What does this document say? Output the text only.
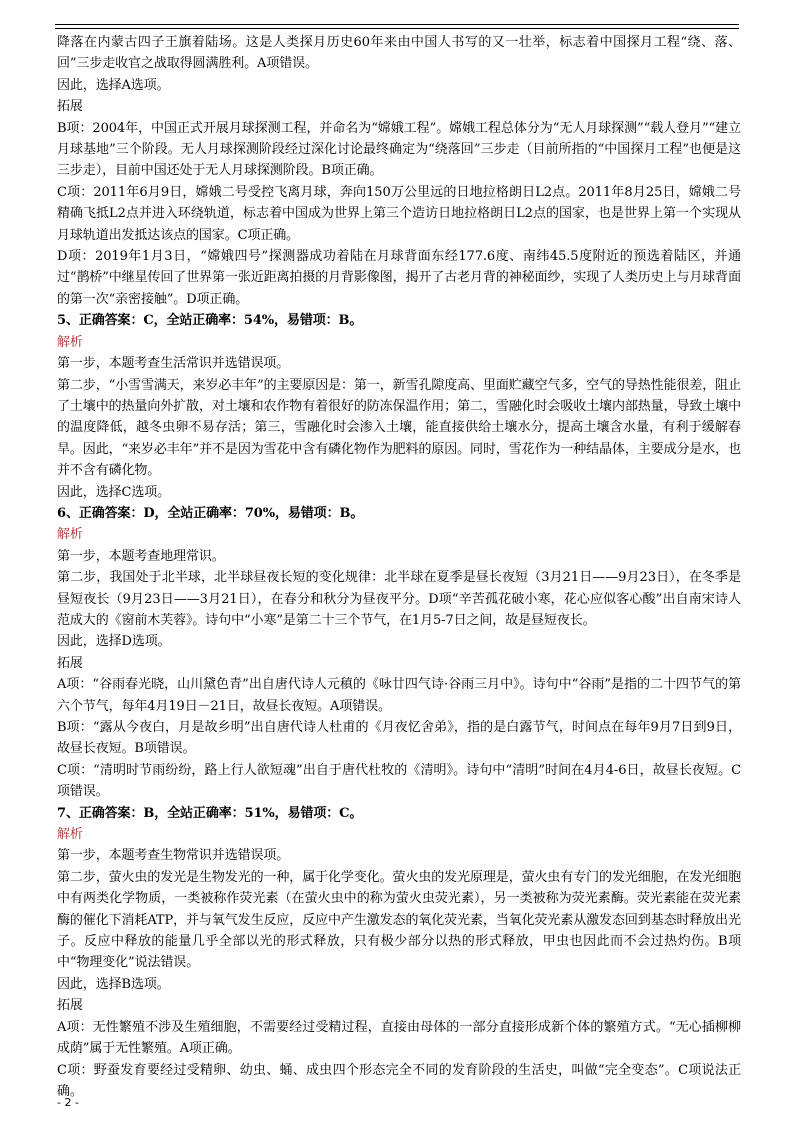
降落在内蒙古四子王旗着陆场。这是人类探月历史60年来由中国人书写的又一壮举，标志着中国探月工程“绕、落、回”三步走收官之战取得圆满胜利。A项错误。

因此，选择A选项。

拓展

B项：2004年，中国正式开展月球探测工程，并命名为“嫦娥工程”。嫦娥工程总体分为“无人月球探测”“载人登月”“建立月球基地”三个阶段。无人月球探测阶段经过深化讨论最终确定为“绕落回”三步走（目前所指的“中国探月工程”也便是这三步走），目前中国还处于无人月球探测阶段。B项正确。

C项：2011年6月9日，嫦娥二号受控飞离月球，奔向150万公里远的日地拉格朗日L2点。2011年8月25日，嫦娥二号精确飞抵L2点并进入环绕轨道，标志着中国成为世界上第三个造访日地拉格朗日L2点的国家，也是世界上第一个实现从月球轨道出发抵达该点的国家。C项正确。

D项：2019年1月3日，“嫦娥四号”探测器成功着陆在月球背面东经177.6度、南纬45.5度附近的预选着陆区，并通过“鹊桥”中继星传回了世界第一张近距离拍摄的月背影像图，揭开了古老月背的神秘面纱，实现了人类历史上与月球背面的第一次“亲密接触”。D项正确。

5、正确答案：C，全站正确率：54%，易错项：B。

解析

第一步，本题考查生活常识并选错误项。

第二步，“小雪雪满天，来岁必丰年”的主要原因是：第一，新雪孔隙度高、里面贮藏空气多，空气的导热性能很差，阻止了土壤中的热量向外扩散，对土壤和农作物有着很好的防冻保温作用；第二，雪融化时会吸收土壤内部热量，导致土壤中的温度降低，越冬虫卵不易存活；第三，雪融化时会渗入土壤，能直接供给土壤水分，提高土壤含水量，有利于缓解春旱。因此，“来岁必丰年”并不是因为雪花中含有磷化物作为肥料的原因。同时，雪花作为一种结晶体，主要成分是水，也并不含有磷化物。

因此，选择C选项。

6、正确答案：D，全站正确率：70%，易错项：B。

解析

第一步，本题考查地理常识。

第二步，我国处于北半球，北半球昼夜长短的变化规律：北半球在夏季是昼长夜短（3月21日——9月23日），在冬季是昼短夜长（9月23日——3月21日），在春分和秋分为昼夜平分。D项“辛苦孤花破小寒，花心应似客心酸”出自南宋诗人范成大的《窗前木芙蓉》。诗句中“小寒”是第二十三个节气，在1月5-7日之间，故是昼短夜长。

因此，选择D选项。

拓展

A项：“谷雨春光晓，山川黛色青”出自唐代诗人元稹的《咏廿四气诗·谷雨三月中》。诗句中“谷雨”是指的二十四节气的第六个节气，每年4月19日－21日，故昼长夜短。A项错误。

B项：“露从今夜白，月是故乡明”出自唐代诗人杜甫的《月夜忆舍弟》，指的是白露节气，时间点在每年9月7日到9日，故昼长夜短。B项错误。

C项：“清明时节雨纷纷，路上行人欲短魂”出自于唐代杜牧的《清明》。诗句中“清明”时间在4月4-6日，故昼长夜短。C项错误。

7、正确答案：B，全站正确率：51%，易错项：C。

解析

第一步，本题考查生物常识并选错误项。

第二步，萤火虫的发光是生物发光的一种，属于化学变化。萤火虫的发光原理是，萤火虫有专门的发光细胞，在发光细胞中有两类化学物质，一类被称作荧光素（在萤火虫中的称为萤火虫荧光素），另一类被称为荧光素酶。荧光素能在荧光素酶的催化下消耗ATP，并与氧气发生反应，反应中产生激发态的氧化荧光素，当氧化荧光素从激发态回到基态时释放出光子。反应中释放的能量几乎全部以光的形式释放，只有极少部分以热的形式释放，甲虫也因此而不会过热灼伤。B项中“物理变化”说法错误。

因此，选择B选项。

拓展

A项：无性繁殖不涉及生殖细胞，不需要经过受精过程，直接由母体的一部分直接形成新个体的繁殖方式。“无心插柳柳成荫”属于无性繁殖。A项正确。

C项：野蚕发育要经过受精卵、幼虫、蛹、成虫四个形态完全不同的发育阶段的生活史，叫做“完全变态”。C项说法正确。

- 2 -
